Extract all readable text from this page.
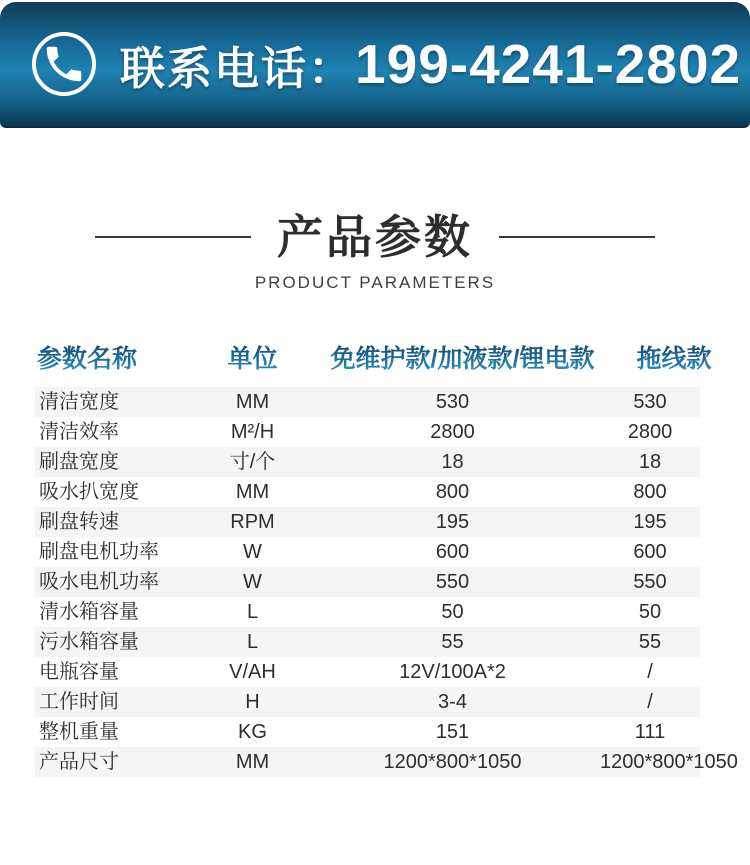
联系电话： 199-4241-2802
产品参数
PRODUCT PARAMETERS
参数名称	单位	免维护款/加液款/锂电款	拖线款
清洁宽度	MM	530	530
清洁效率	M²/H	2800	2800
刷盘宽度	寸/个	18	18
吸水扒宽度	MM	800	800
刷盘转速	RPM	195	195
刷盘电机功率	W	600	600
吸水电机功率	W	550	550
清水箱容量	L	50	50
污水箱容量	L	55	55
电瓶容量	V/AH	12V/100A*2	/
工作时间	H	3-4	/
整机重量	KG	151	111
产品尺寸	MM	1200*800*1050	1200*800*1050
